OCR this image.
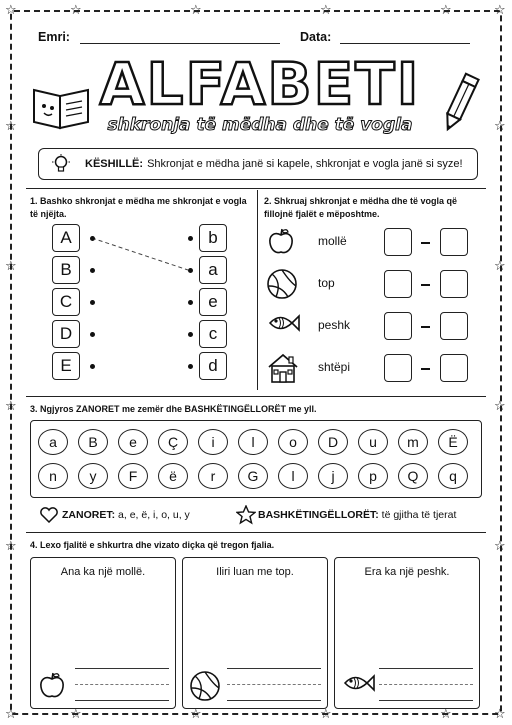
☆	☆
☆	☆
☆	☆	☆	☆
☆	☆	☆	☆
☆
☆
☆
☆
☆
☆
☆
☆
Emri:	Data:
ALFABETI
shkronja të mëdha dhe të vogla
KËSHILLË: Shkronjat e mëdha janë si kapele, shkronjat e vogla janë si syze!
1. Bashko shkronjat e mëdha me shkronjat e vogla të njëjta.
A
B
C
D
E
b
a
e
c
d
2. Shkruaj shkronjat e mëdha dhe të vogla që fillojnë fjalët e mëposhtme.
mollë
top
peshk
shtëpi
3. Ngjyros ZANORET me zemër dhe BASHKËTINGËLLORËT me yll.
a	B	e	Ç	i	l	o	D	u	m	Ë
n	y	F	ë	r	G	l	j	p	Q	q
ZANORET: a, e, ë, i, o, u, y	BASHKËTINGËLLORËT: të gjitha të tjerat
4. Lexo fjalitë e shkurtra dhe vizato diçka që tregon fjalia.
Ana ka një mollë.	Iliri luan me top.	Era ka një peshk.
